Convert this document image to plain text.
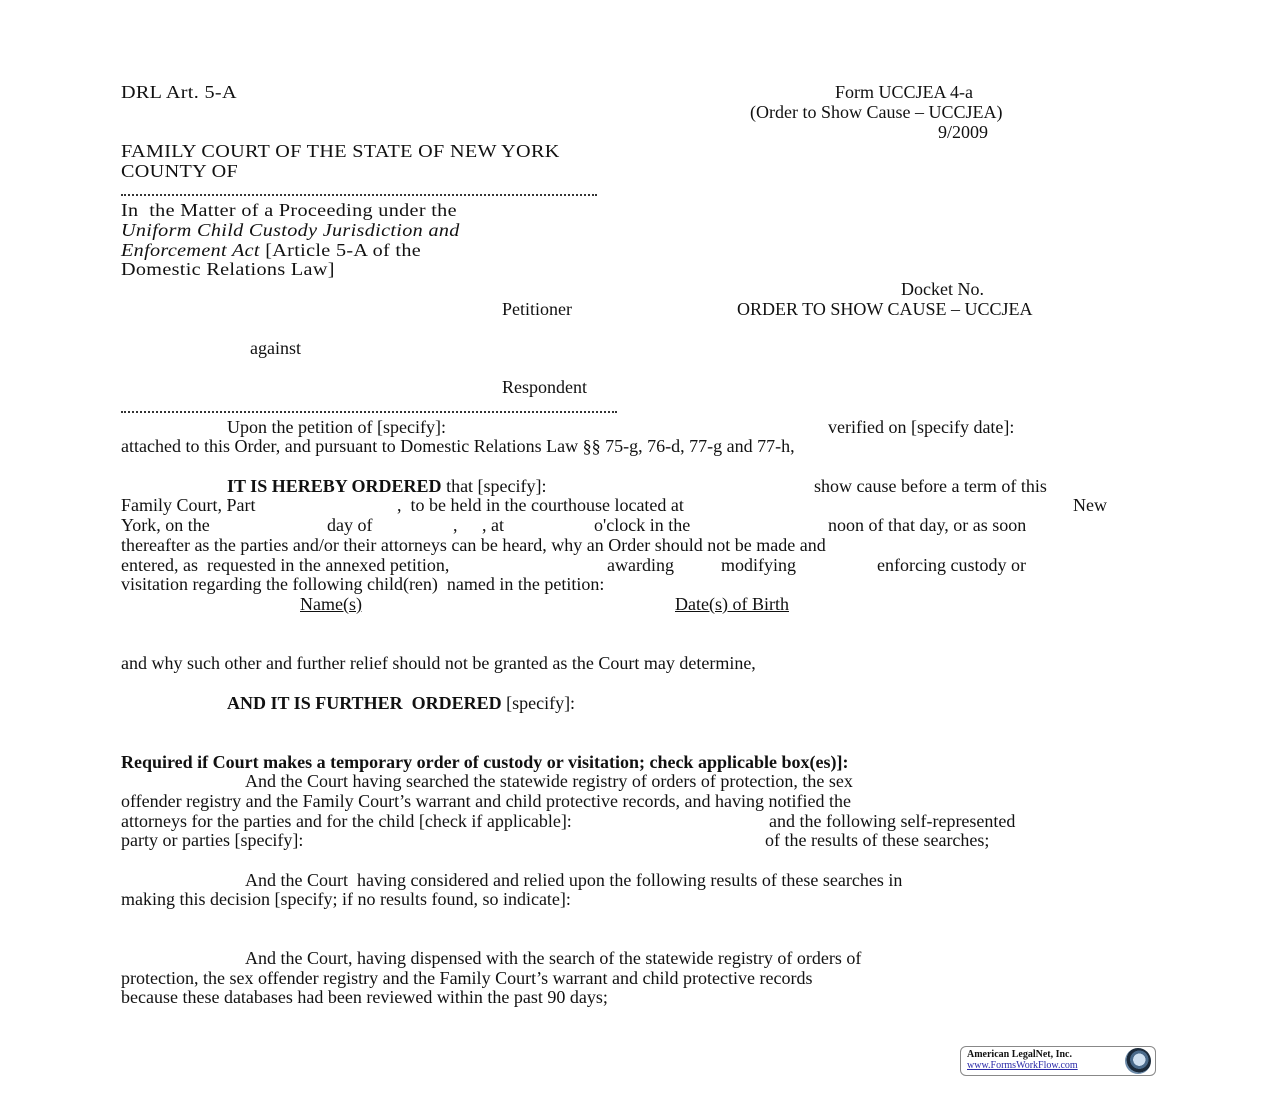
DRL Art. 5-A	Form UCCJEA 4-a
(Order to Show Cause – UCCJEA)
9/2009
FAMILY COURT OF THE STATE OF NEW YORK
COUNTY OF
In  the Matter of a Proceeding under the
Uniform Child Custody Jurisdiction and
Enforcement Act [Article 5-A of the
Domestic Relations Law]
Docket No.
Petitioner	ORDER TO SHOW CAUSE – UCCJEA
against
Respondent
Upon the petition of [specify]:	verified on [specify date]:
attached to this Order, and pursuant to Domestic Relations Law §§ 75-g, 76-d, 77-g and 77-h,
IT IS HEREBY ORDERED that [specify]:	show cause before a term of this
Family Court, Part	,  to be held in the courthouse located at	New
York, on the	day of	, , at	o'clock in the	noon of that day, or as soon
thereafter as the parties and/or their attorneys can be heard, why an Order should not be made and
entered, as  requested in the annexed petition,	awarding	modifying	enforcing custody or
visitation regarding the following child(ren)  named in the petition:
Name(s)	Date(s) of Birth
and why such other and further relief should not be granted as the Court may determine,
AND IT IS FURTHER  ORDERED [specify]:
Required if Court makes a temporary order of custody or visitation; check applicable box(es)]:
And the Court having searched the statewide registry of orders of protection, the sex
offender registry and the Family Court’s warrant and child protective records, and having notified the
attorneys for the parties and for the child [check if applicable]:	and the following self-represented
party or parties [specify]:	of the results of these searches;
And the Court  having considered and relied upon the following results of these searches in
making this decision [specify; if no results found, so indicate]:
And the Court, having dispensed with the search of the statewide registry of orders of
protection, the sex offender registry and the Family Court’s warrant and child protective records
because these databases had been reviewed within the past 90 days;
American LegalNet, Inc.
www.FormsWorkFlow.com
